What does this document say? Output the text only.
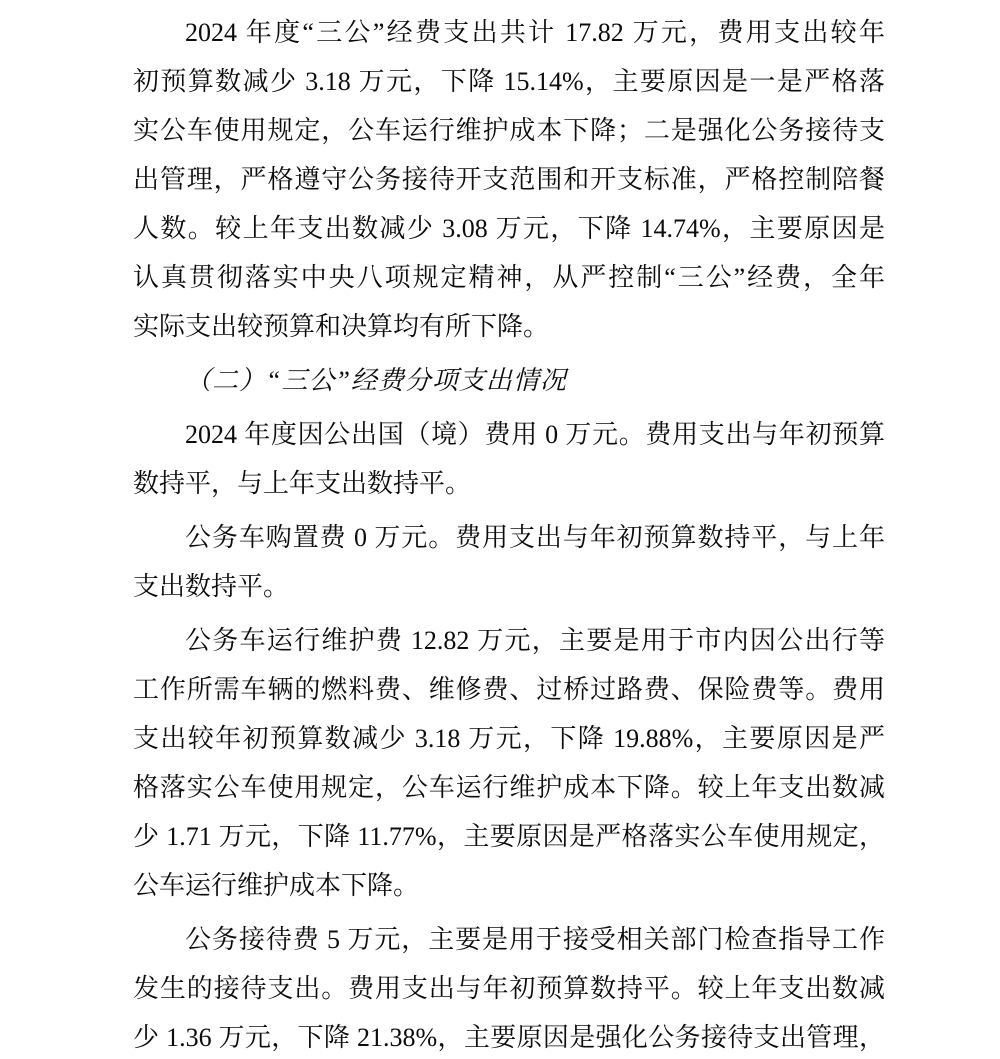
2024 年度“三公”经费支出共计 17.82 万元，费用支出较年
初预算数减少 3.18 万元，下降 15.14%，主要原因是一是严格落
实公车使用规定，公车运行维护成本下降；二是强化公务接待支
出管理，严格遵守公务接待开支范围和开支标准，严格控制陪餐
人数。较上年支出数减少 3.08 万元，下降 14.74%，主要原因是
认真贯彻落实中央八项规定精神，从严控制“三公”经费，全年
实际支出较预算和决算均有所下降。
（二）“三公”经费分项支出情况
2024 年度因公出国（境）费用 0 万元。费用支出与年初预算
数持平，与上年支出数持平。
公务车购置费 0 万元。费用支出与年初预算数持平，与上年
支出数持平。
公务车运行维护费 12.82 万元，主要是用于市内因公出行等
工作所需车辆的燃料费、维修费、过桥过路费、保险费等。费用
支出较年初预算数减少 3.18 万元，下降 19.88%，主要原因是严
格落实公车使用规定，公车运行维护成本下降。较上年支出数减
少 1.71 万元，下降 11.77%，主要原因是严格落实公车使用规定，
公车运行维护成本下降。
公务接待费 5 万元，主要是用于接受相关部门检查指导工作
发生的接待支出。费用支出与年初预算数持平。较上年支出数减
少 1.36 万元，下降 21.38%，主要原因是强化公务接待支出管理，
